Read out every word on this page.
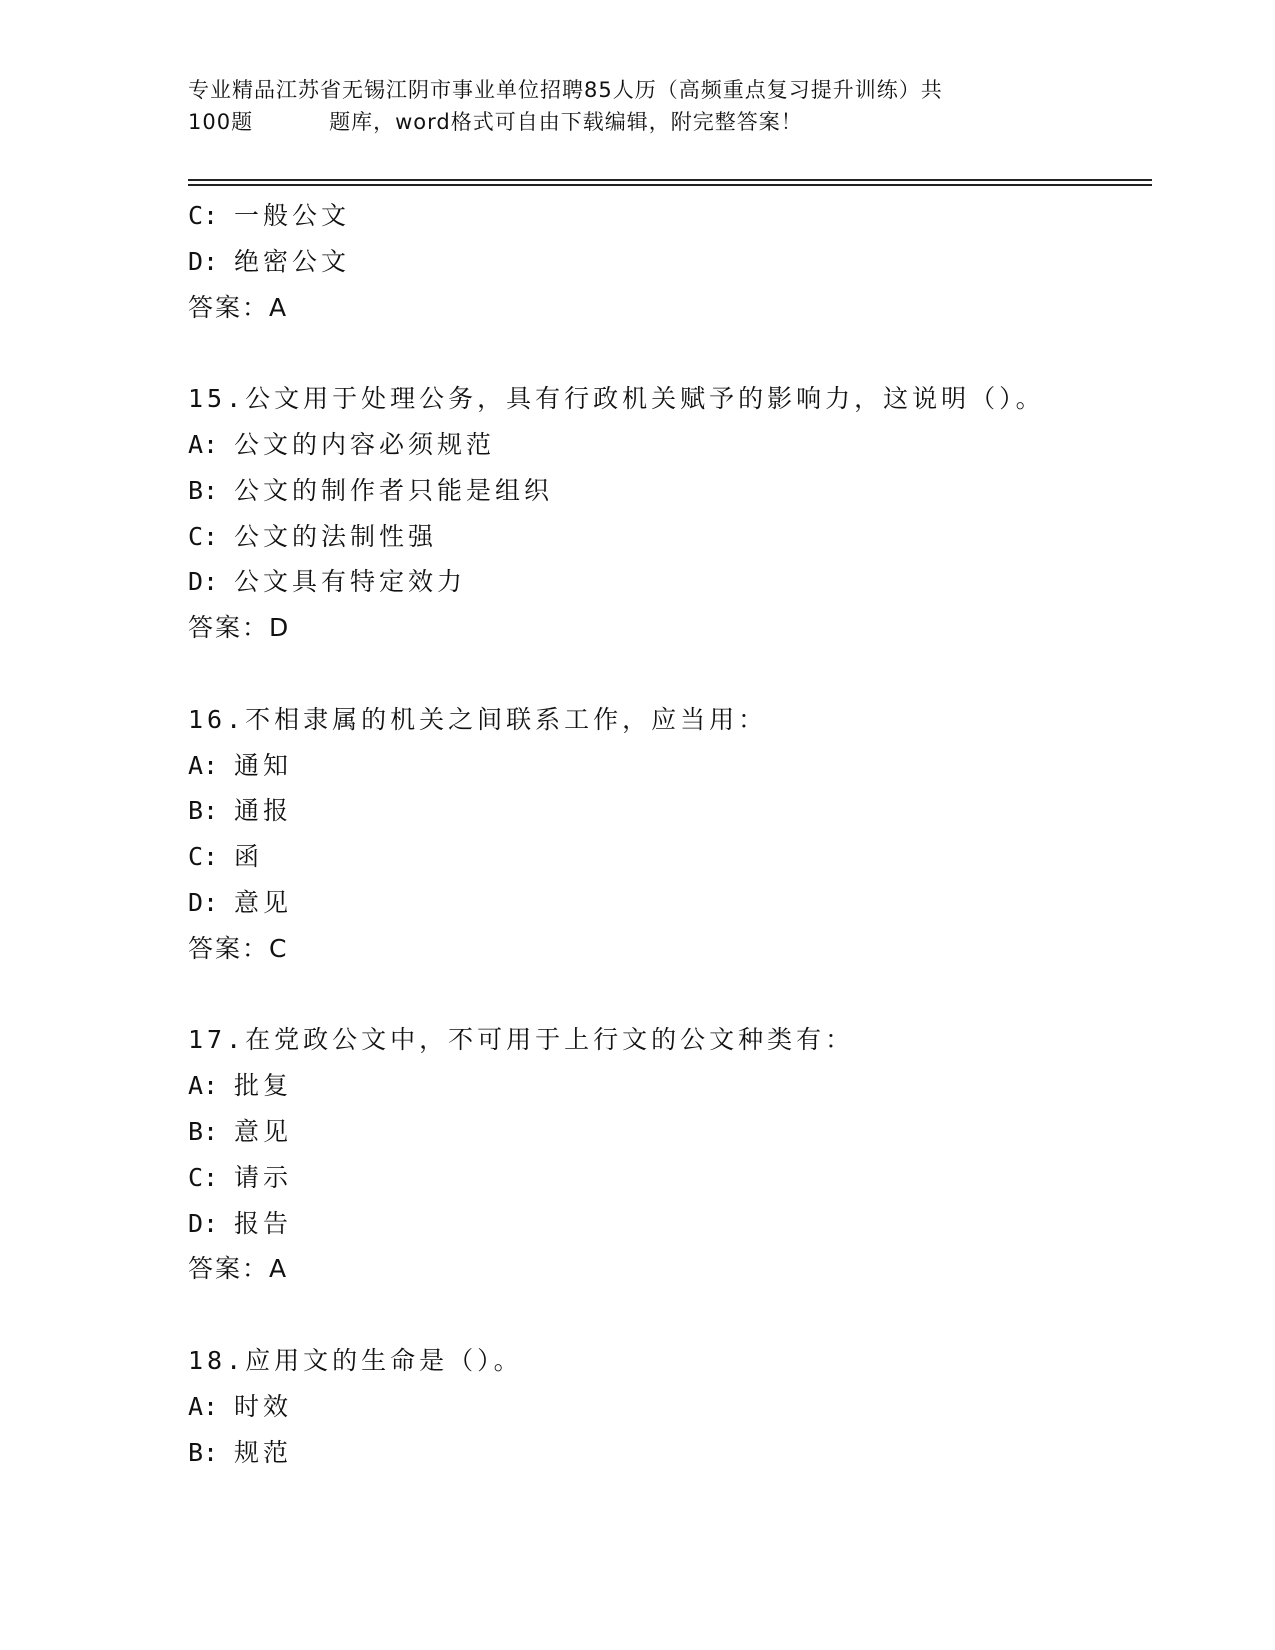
专业精品江苏省无锡江阴市事业单位招聘85人历（高频重点复习提升训练）共
100题	题库，word格式可自由下载编辑，附完整答案！
C: 一般公文
D: 绝密公文
答案：A
15.公文用于处理公务，具有行政机关赋予的影响力，这说明（）。
A: 公文的内容必须规范
B: 公文的制作者只能是组织
C: 公文的法制性强
D: 公文具有特定效力
答案：D
16.不相隶属的机关之间联系工作，应当用：
A: 通知
B: 通报
C: 函
D: 意见
答案：C
17.在党政公文中，不可用于上行文的公文种类有：
A: 批复
B: 意见
C: 请示
D: 报告
答案：A
18.应用文的生命是（）。
A: 时效
B: 规范
